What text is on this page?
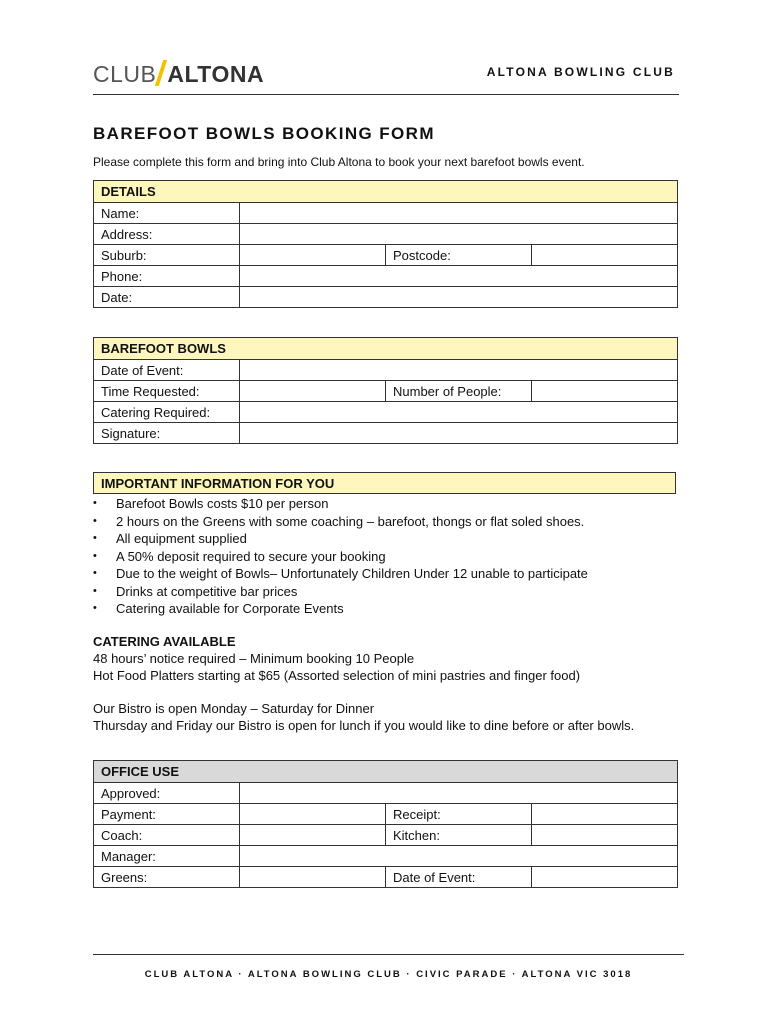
CLUB ALTONA	ALTONA BOWLING CLUB
BAREFOOT BOWLS BOOKING FORM
Please complete this form and bring into Club Altona to book your next barefoot bowls event.
DETAILS			
Name:			
Address:			
Suburb:		Postcode:	
Phone:			
Date:			
BAREFOOT BOWLS			
Date of Event:			
Time Requested:		Number of People:	
Catering Required:			
Signature:			
IMPORTANT INFORMATION FOR YOU
• Barefoot Bowls costs $10 per person
• 2 hours on the Greens with some coaching – barefoot, thongs or flat soled shoes.
• All equipment supplied
• A 50% deposit required to secure your booking
• Due to the weight of Bowls– Unfortunately Children Under 12 unable to participate
• Drinks at competitive bar prices
• Catering available for Corporate Events
CATERING AVAILABLE
48 hours’ notice required – Minimum booking 10 People
Hot Food Platters starting at $65 (Assorted selection of mini pastries and finger food)
Our Bistro is open Monday – Saturday for Dinner
Thursday and Friday our Bistro is open for lunch if you would like to dine before or after bowls.
OFFICE USE			
Approved:			
Payment:		Receipt:	
Coach:		Kitchen:	
Manager:			
Greens:		Date of Event:	
CLUB ALTONA · ALTONA BOWLING CLUB · CIVIC PARADE · ALTONA VIC 3018
